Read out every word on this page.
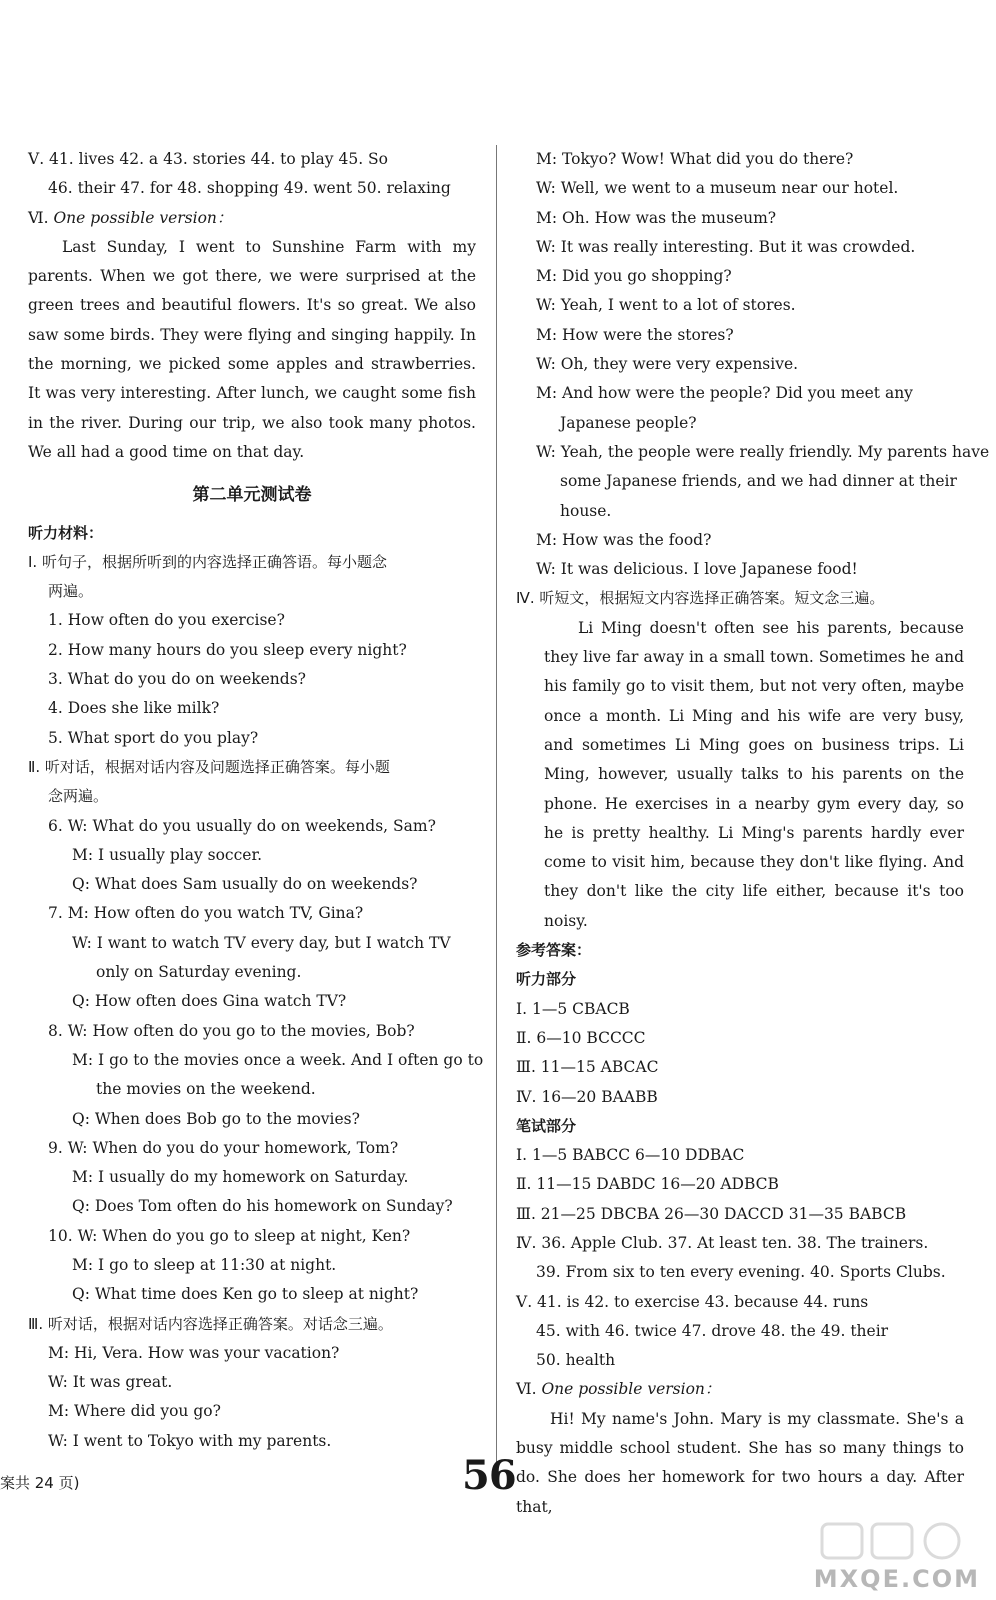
Ⅴ. 41. lives 42. a 43. stories 44. to play 45. So
46. their 47. for 48. shopping 49. went 50. relaxing
Ⅵ. One possible version：
Last Sunday, I went to Sunshine Farm with my parents. When we got there, we were surprised at the green trees and beautiful flowers. It's so great. We also saw some birds. They were flying and singing happily. In the morning, we picked some apples and strawberries. It was very interesting. After lunch, we caught some fish in the river. During our trip, we also took many photos. We all had a good time on that day.
第二单元测试卷
听力材料：
Ⅰ. 听句子，根据所听到的内容选择正确答语。每小题念
两遍。
1. How often do you exercise?
2. How many hours do you sleep every night?
3. What do you do on weekends?
4. Does she like milk?
5. What sport do you play?
Ⅱ. 听对话，根据对话内容及问题选择正确答案。每小题
念两遍。
6. W: What do you usually do on weekends, Sam?
M: I usually play soccer.
Q: What does Sam usually do on weekends?
7. M: How often do you watch TV, Gina?
W: I want to watch TV every day, but I watch TV
only on Saturday evening.
Q: How often does Gina watch TV?
8. W: How often do you go to the movies, Bob?
M: I go to the movies once a week. And I often go to
the movies on the weekend.
Q: When does Bob go to the movies?
9. W: When do you do your homework, Tom?
M: I usually do my homework on Saturday.
Q: Does Tom often do his homework on Sunday?
10. W: When do you go to sleep at night, Ken?
M: I go to sleep at 11:30 at night.
Q: What time does Ken go to sleep at night?
Ⅲ. 听对话，根据对话内容选择正确答案。对话念三遍。
M: Hi, Vera. How was your vacation?
W: It was great.
M: Where did you go?
W: I went to Tokyo with my parents.
M: Tokyo? Wow! What did you do there?
W: Well, we went to a museum near our hotel.
M: Oh. How was the museum?
W: It was really interesting. But it was crowded.
M: Did you go shopping?
W: Yeah, I went to a lot of stores.
M: How were the stores?
W: Oh, they were very expensive.
M: And how were the people? Did you meet any
Japanese people?
W: Yeah, the people were really friendly. My parents have
some Japanese friends, and we had dinner at their
house.
M: How was the food?
W: It was delicious. I love Japanese food!
Ⅳ. 听短文，根据短文内容选择正确答案。短文念三遍。
Li Ming doesn't often see his parents, because they live far away in a small town. Sometimes he and his family go to visit them, but not very often, maybe once a month. Li Ming and his wife are very busy, and sometimes Li Ming goes on business trips. Li Ming, however, usually talks to his parents on the phone. He exercises in a nearby gym every day, so he is pretty healthy. Li Ming's parents hardly ever come to visit him, because they don't like flying. And they don't like the city life either, because it's too noisy.
参考答案：
听力部分
Ⅰ. 1—5 CBACB
Ⅱ. 6—10 BCCCC
Ⅲ. 11—15 ABCAC
Ⅳ. 16—20 BAABB
笔试部分
Ⅰ. 1—5 BABCC 6—10 DDBAC
Ⅱ. 11—15 DABDC 16—20 ADBCB
Ⅲ. 21—25 DBCBA 26—30 DACCD 31—35 BABCB
Ⅳ. 36. Apple Club. 37. At least ten. 38. The trainers.
39. From six to ten every evening. 40. Sports Clubs.
Ⅴ. 41. is 42. to exercise 43. because 44. runs
45. with 46. twice 47. drove 48. the 49. their
50. health
Ⅵ. One possible version：
Hi! My name's John. Mary is my classmate. She's a busy middle school student. She has so many things to do. She does her homework for two hours a day. After that,
案共 24 页)	56
MXQE.COM
